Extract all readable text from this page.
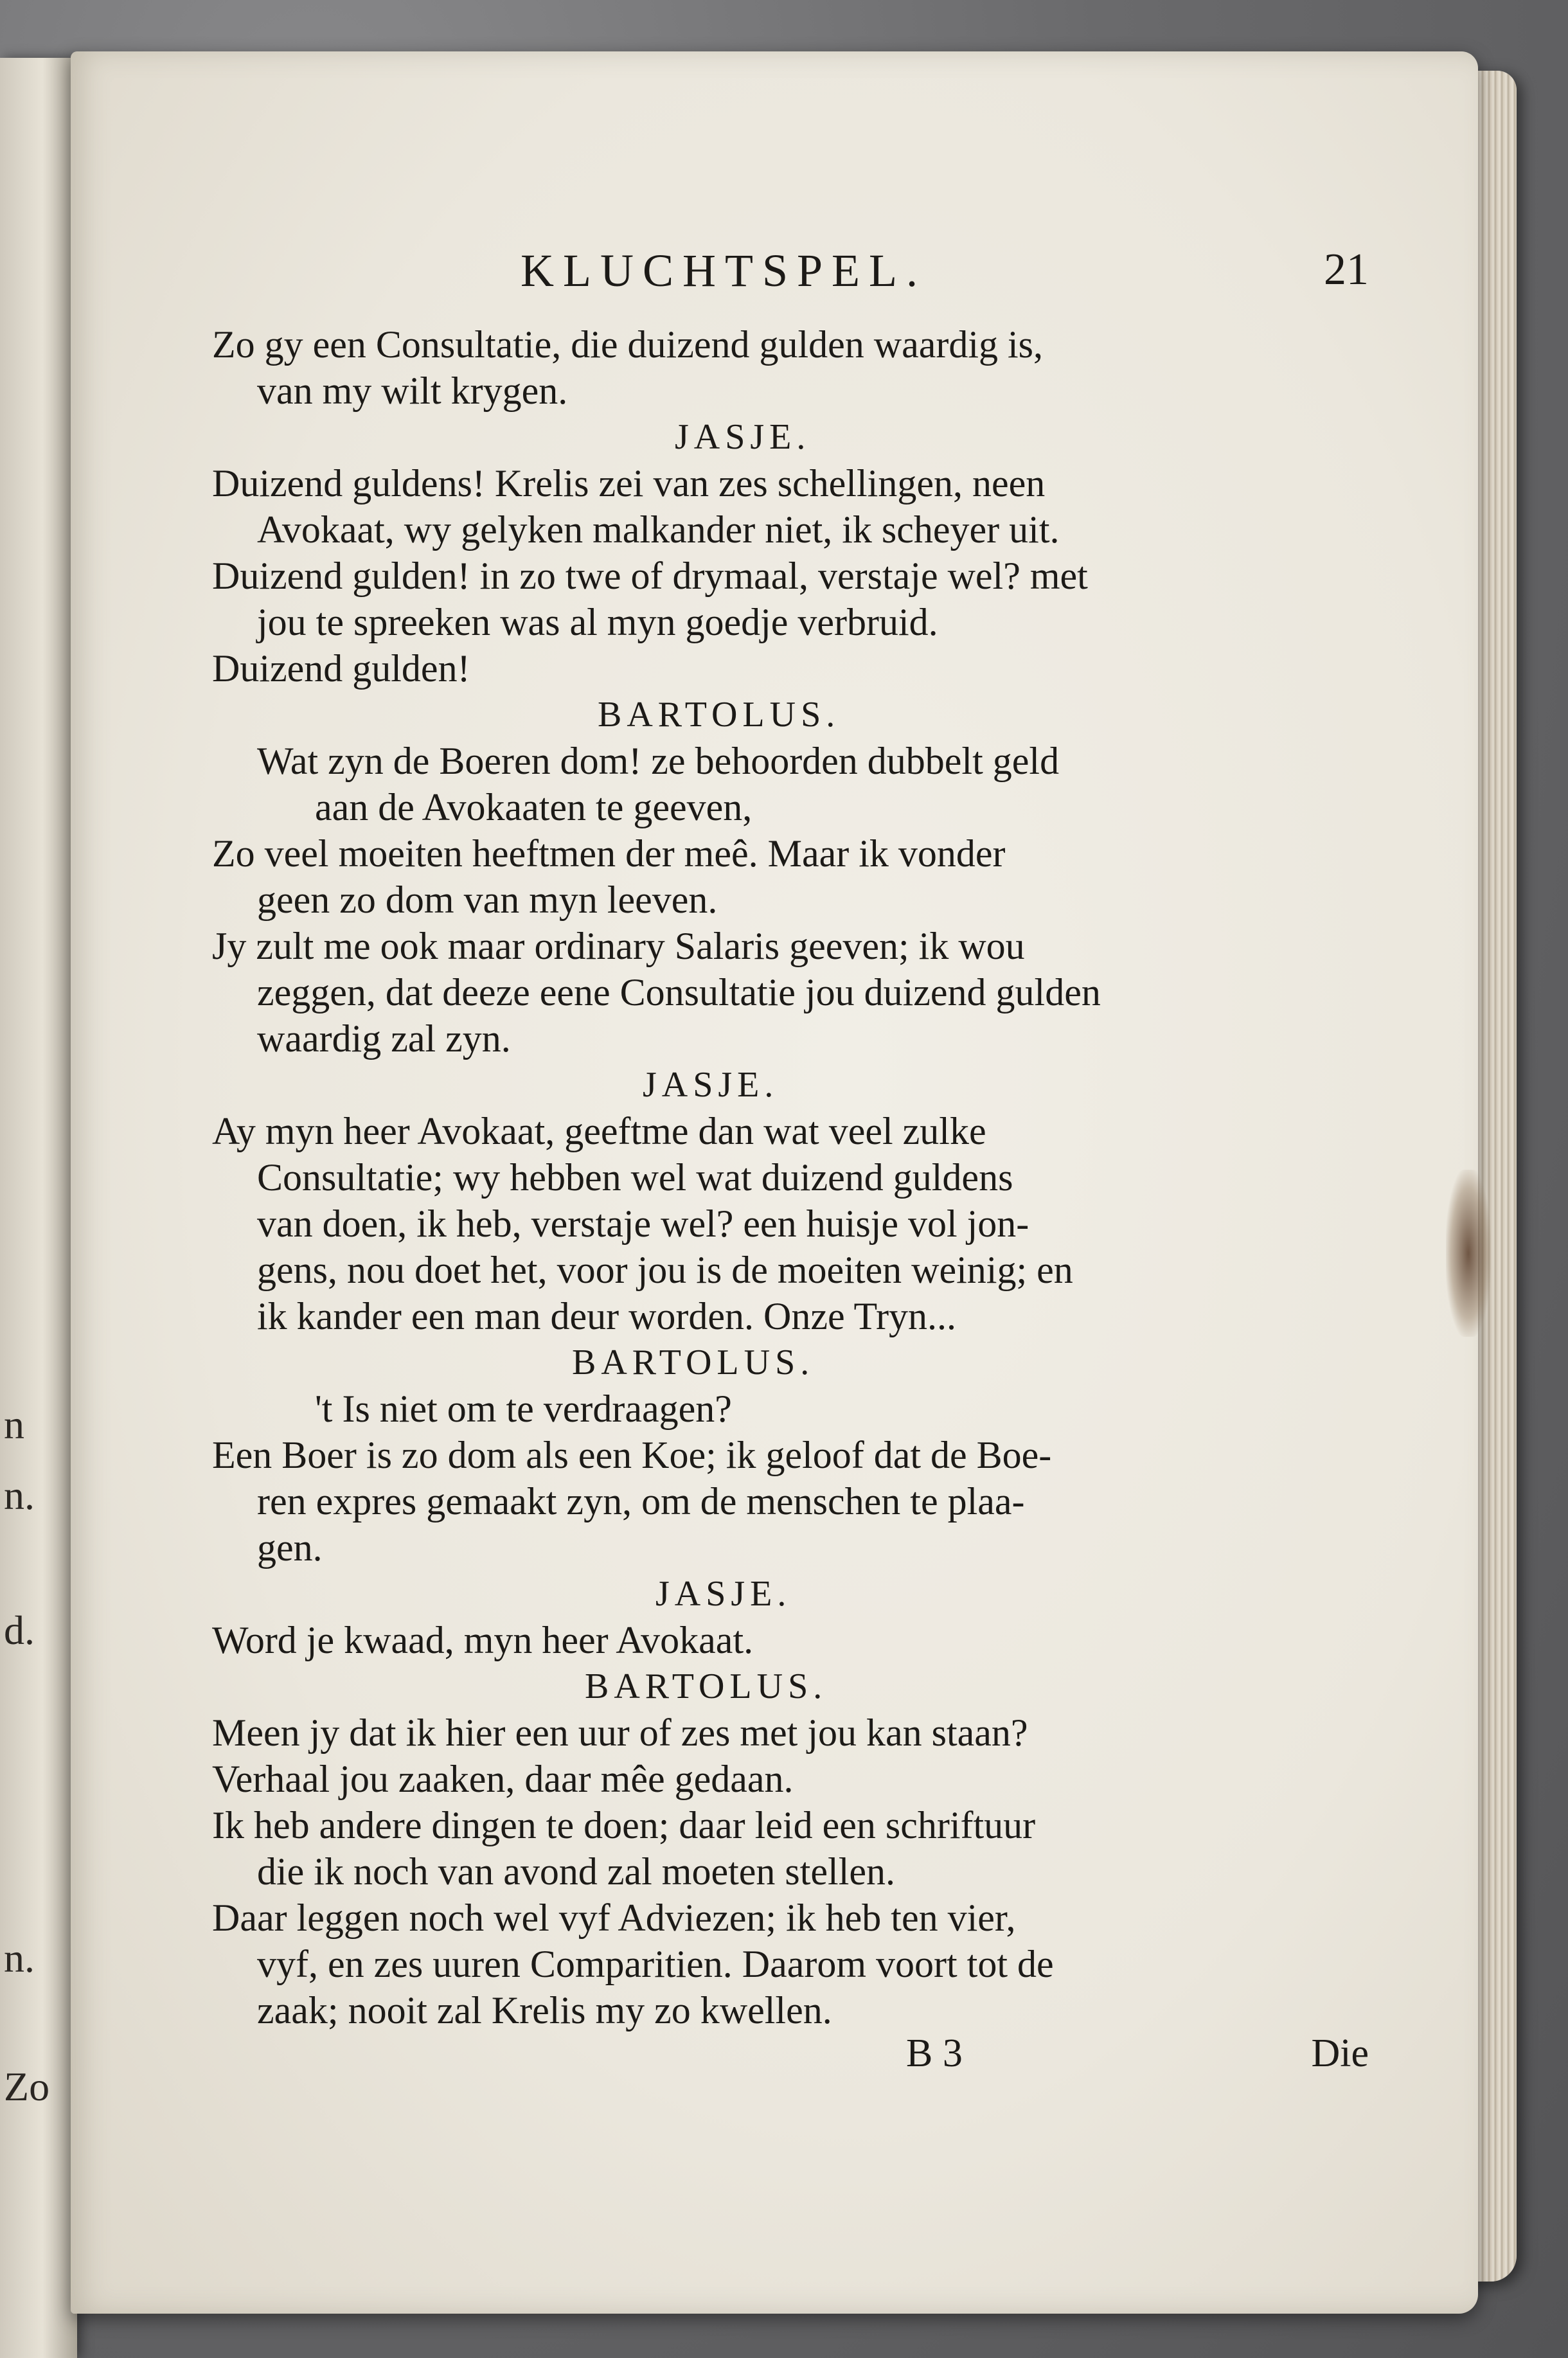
n
n.
d.
n.
Zo
KLUCHTSPEL.	21
Zo gy een Consultatie, die duizend gulden waardig is,
van my wilt krygen.
JASJE.
Duizend guldens! Krelis zei van zes schellingen, neen
Avokaat, wy gelyken malkander niet, ik scheyer uit.
Duizend gulden! in zo twe of drymaal, verstaje wel? met
jou te spreeken was al myn goedje verbruid.
Duizend gulden!
BARTOLUS.
Wat zyn de Boeren dom! ze behoorden dubbelt geld
aan de Avokaaten te geeven,
Zo veel moeiten heeftmen der meê. Maar ik vonder
geen zo dom van myn leeven.
Jy zult me ook maar ordinary Salaris geeven; ik wou
zeggen, dat deeze eene Consultatie jou duizend gulden
waardig zal zyn.
JASJE.
Ay myn heer Avokaat, geeftme dan wat veel zulke
Consultatie; wy hebben wel wat duizend guldens
van doen, ik heb, verstaje wel? een huisje vol jon-
gens, nou doet het, voor jou is de moeiten weinig; en
ik kander een man deur worden. Onze Tryn...
BARTOLUS.
't Is niet om te verdraagen?
Een Boer is zo dom als een Koe; ik geloof dat de Boe-
ren expres gemaakt zyn, om de menschen te plaa-
gen.
JASJE.
Word je kwaad, myn heer Avokaat.
BARTOLUS.
Meen jy dat ik hier een uur of zes met jou kan staan?
Verhaal jou zaaken, daar mêe gedaan.
Ik heb andere dingen te doen; daar leid een schriftuur
die ik noch van avond zal moeten stellen.
Daar leggen noch wel vyf Adviezen; ik heb ten vier,
vyf, en zes uuren Comparitien. Daarom voort tot de
zaak; nooit zal Krelis my zo kwellen.
B 3	Die
